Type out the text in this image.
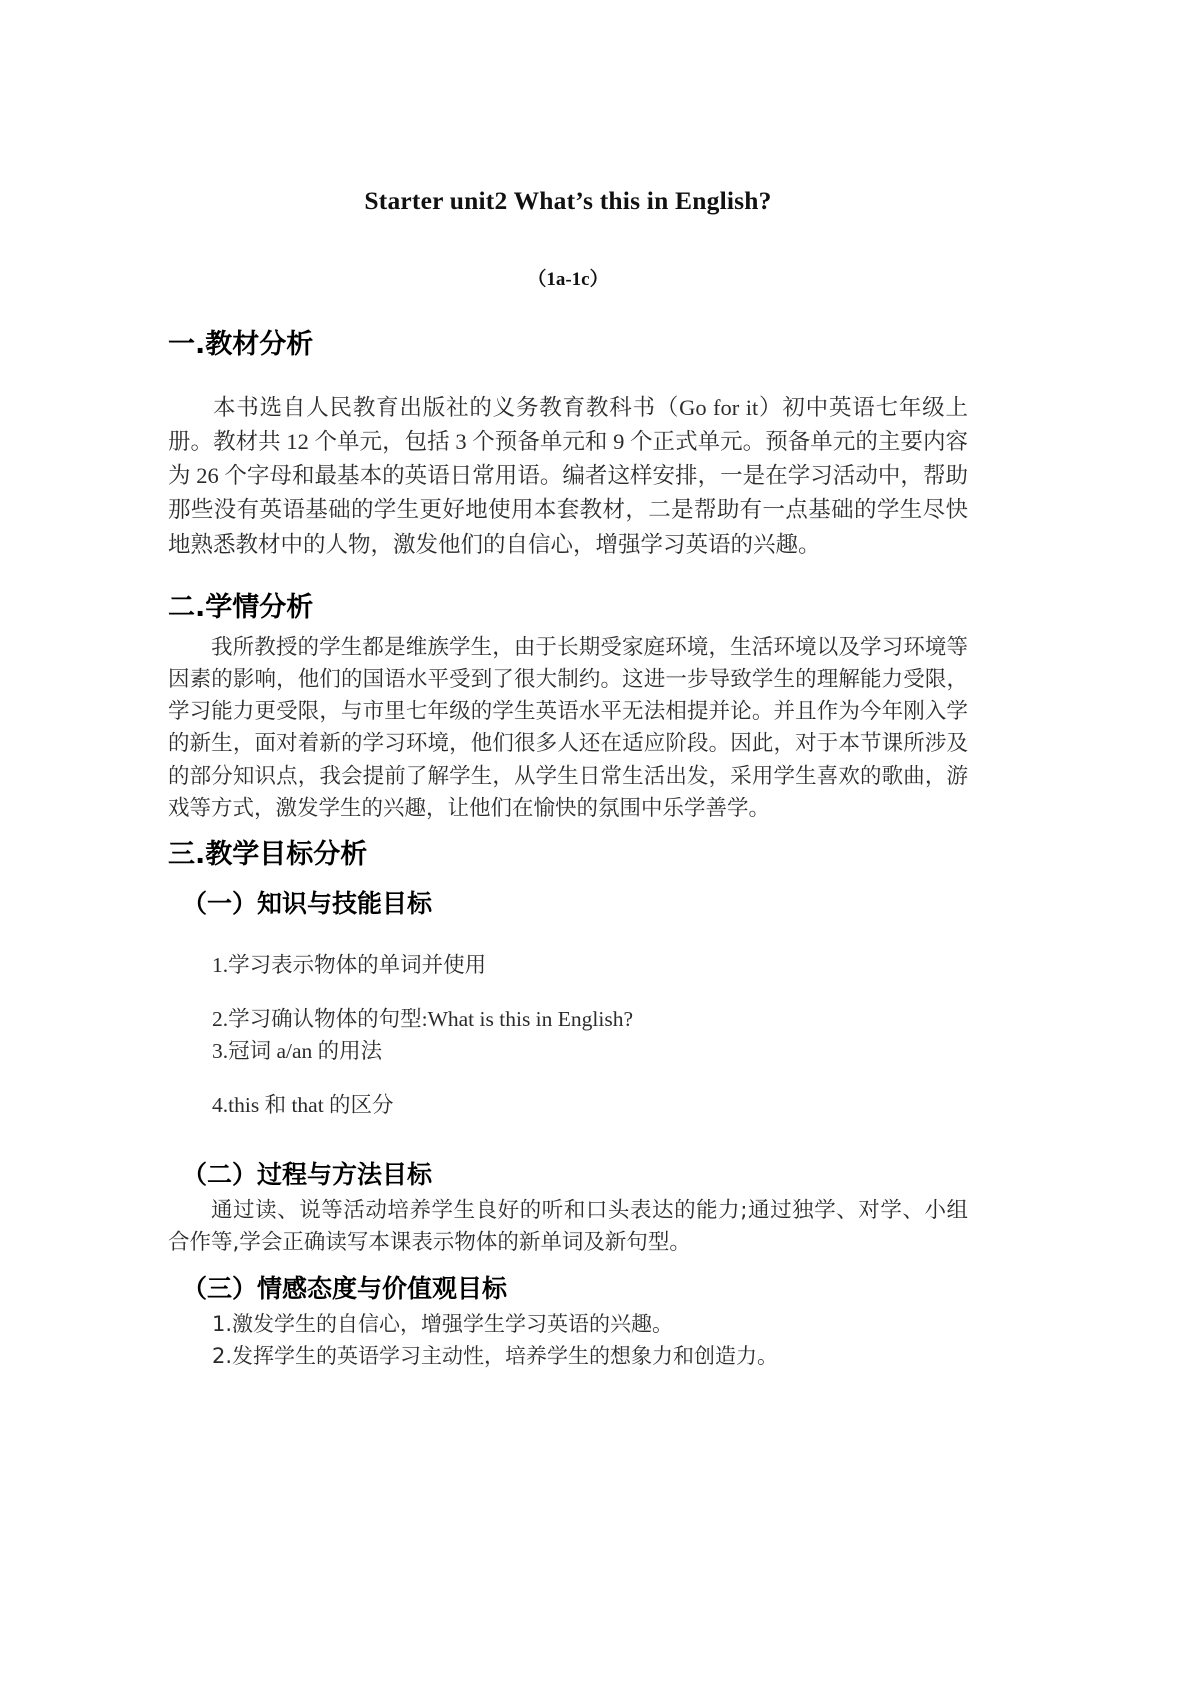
Starter unit2 What’s this in English?
（1a-1c）
一.教材分析

本书选自人民教育出版社的义务教育教科书（Go for it）初中英语七年级上册。教材共 12 个单元，包括 3 个预备单元和 9 个正式单元。预备单元的主要内容为 26 个字母和最基本的英语日常用语。编者这样安排，一是在学习活动中，帮助那些没有英语基础的学生更好地使用本套教材，二是帮助有一点基础的学生尽快地熟悉教材中的人物，激发他们的自信心，增强学习英语的兴趣。

二.学情分析

我所教授的学生都是维族学生，由于长期受家庭环境，生活环境以及学习环境等因素的影响，他们的国语水平受到了很大制约。这进一步导致学生的理解能力受限，学习能力更受限，与市里七年级的学生英语水平无法相提并论。并且作为今年刚入学的新生，面对着新的学习环境，他们很多人还在适应阶段。因此，对于本节课所涉及的部分知识点，我会提前了解学生，从学生日常生活出发，采用学生喜欢的歌曲，游戏等方式，激发学生的兴趣，让他们在愉快的氛围中乐学善学。

三.教学目标分析
（一）知识与技能目标

1.学习表示物体的单词并使用

2.学习确认物体的句型:What is this in English?

3.冠词 a/an 的用法

4.this 和 that 的区分

（二）过程与方法目标

通过读、说等活动培养学生良好的听和口头表达的能力;通过独学、对学、小组合作等,学会正确读写本课表示物体的新单词及新句型。

（三）情感态度与价值观目标

1.激发学生的自信心，增强学生学习英语的兴趣。

2.发挥学生的英语学习主动性，培养学生的想象力和创造力。
